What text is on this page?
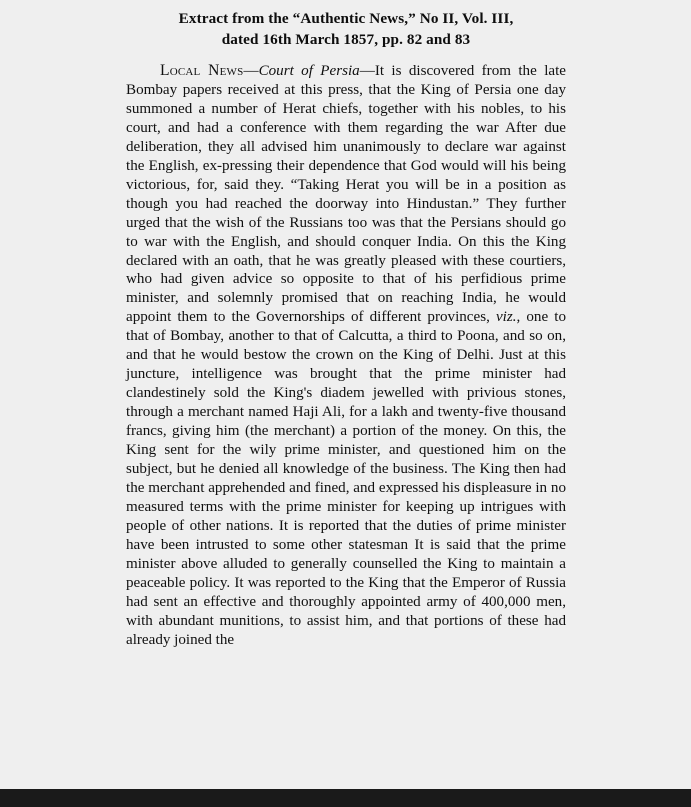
Extract from the “Authentic News,” No II, Vol. III,
dated 16th March 1857, pp. 82 and 83

Local News—Court of Persia—It is discovered from the late Bombay papers received at this press, that the King of Persia one day summoned a number of Herat chiefs, together with his nobles, to his court, and had a conference with them regarding the war After due deliberation, they all advised him unanimously to declare war against the English, ex-pressing their dependence that God would will his being victorious, for, said they. “Taking Herat you will be in a position as though you had reached the doorway into Hindustan.” They further urged that the wish of the Russians too was that the Persians should go to war with the English, and should conquer India. On this the King declared with an oath, that he was greatly pleased with these courtiers, who had given advice so opposite to that of his perfidious prime minister, and solemnly promised that on reaching India, he would appoint them to the Governorships of different provinces, viz., one to that of Bombay, another to that of Calcutta, a third to Poona, and so on, and that he would bestow the crown on the King of Delhi. Just at this juncture, intelligence was brought that the prime minister had clandestinely sold the King's diadem jewelled with privious stones, through a merchant named Haji Ali, for a lakh and twenty-five thousand francs, giving him (the merchant) a portion of the money. On this, the King sent for the wily prime minister, and questioned him on the subject, but he denied all knowledge of the business. The King then had the merchant apprehended and fined, and expressed his displeasure in no measured terms with the prime minister for keeping up intrigues with people of other nations. It is reported that the duties of prime minister have been intrusted to some other statesman It is said that the prime minister above alluded to generally counselled the King to maintain a peaceable policy. It was reported to the King that the Emperor of Russia had sent an effective and thoroughly appointed army of 400,000 men, with abundant munitions, to assist him, and that portions of these had already joined the
